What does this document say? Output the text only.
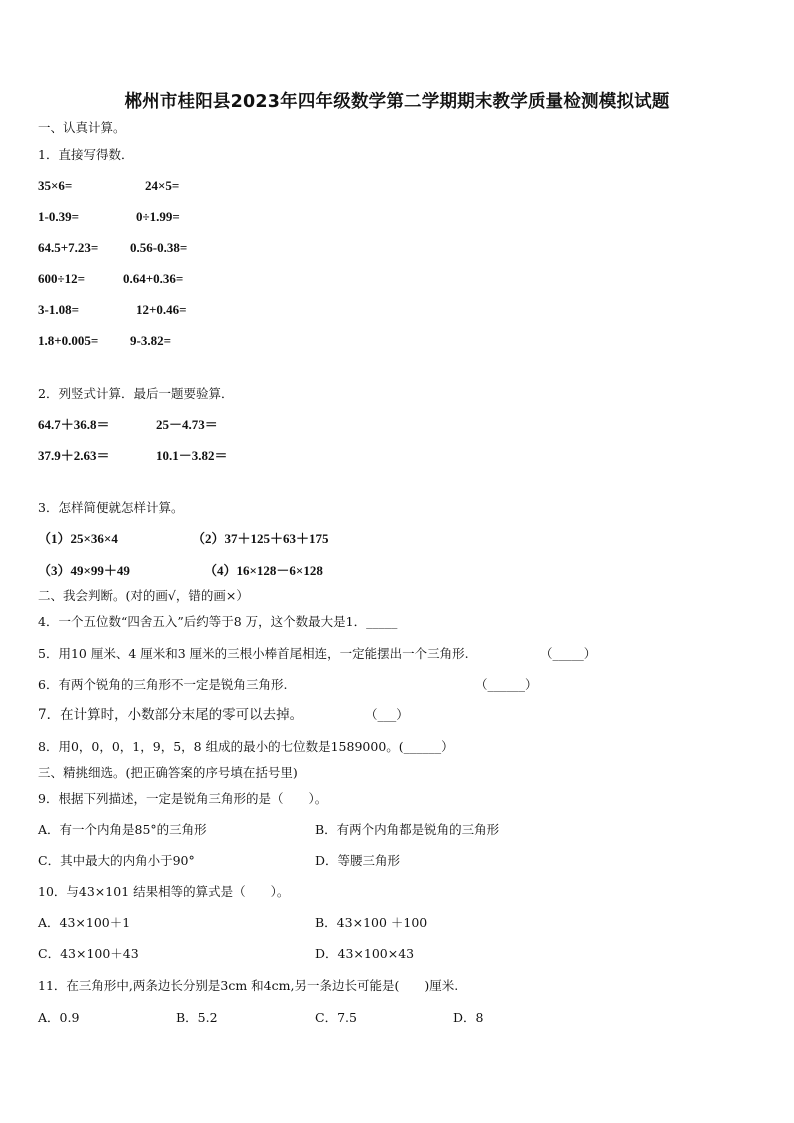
郴州市桂阳县2023年四年级数学第二学期期末教学质量检测模拟试题
一、认真计算。
1．直接写得数．
35×6=	24×5=
1-0.39=	0÷1.99=
64.5+7.23= 0.56-0.38=
600÷12=	0.64+0.36=
3-1.08=	12+0.46=
1.8+0.005= 9-3.82=
2．列竖式计算．最后一题要验算．
64.7＋36.8＝	25－4.73＝
37.9＋2.63＝	10.1－3.82＝
3．怎样简便就怎样计算。
（1）25×36×4	（2）37＋125＋63＋175
（3）49×99＋49	（4）16×128－6×128
二、我会判断。(对的画√，错的画×）
4．一个五位数“四舍五入”后约等于8 万，这个数最大是1．_____
5．用10 厘米、4 厘米和3 厘米的三根小棒首尾相连，一定能摆出一个三角形.	（_____）
6．有两个锐角的三角形不一定是锐角三角形.	（______）
7．在计算时，小数部分末尾的零可以去掉。	（___）
8．用0，0，0，1，9，5，8 组成的最小的七位数是1589000。(______）
三、精挑细选。(把正确答案的序号填在括号里)
9．根据下列描述，一定是锐角三角形的是（　　）。
A．有一个内角是85°的三角形	B．有两个内角都是锐角的三角形
C．其中最大的内角小于90°	D．等腰三角形
10．与43×101 结果相等的算式是（　　）。
A．43×100＋1	B．43×100 ＋100
C．43×100＋43	D．43×100×43
11．在三角形中,两条边长分别是3cm 和4cm,另一条边长可能是(　　)厘米.
A．0.9	B．5.2	C．7.5	D．8
